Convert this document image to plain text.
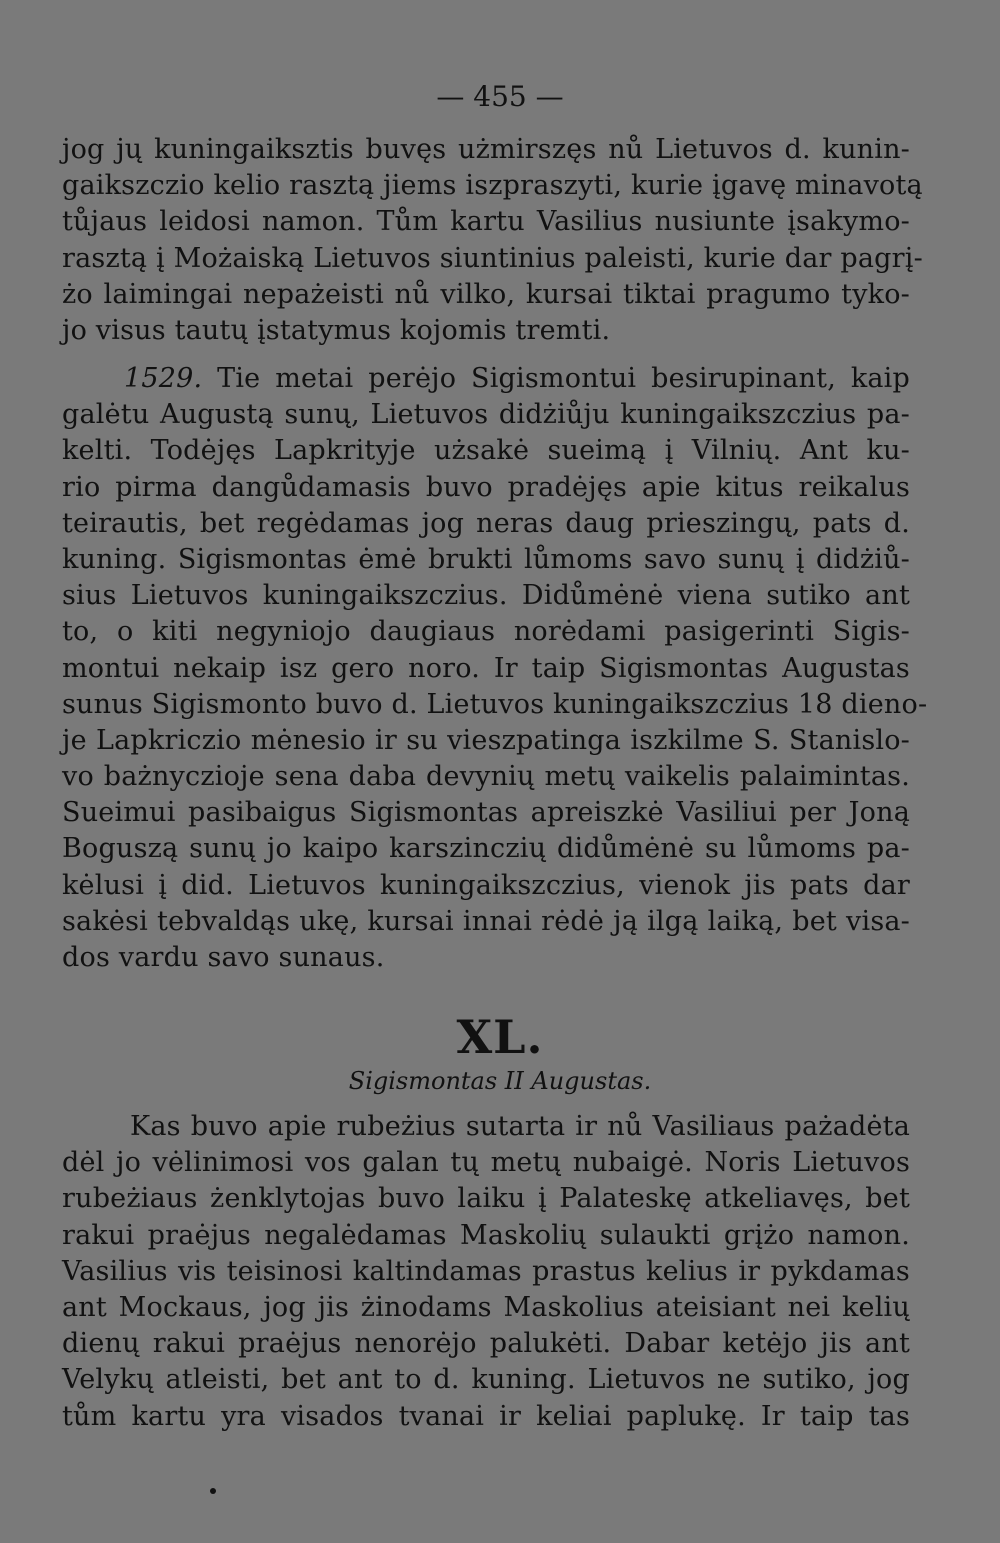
— 455 —
jog jų kuningaiksztis buvęs użmirszęs nů Lietuvos d. kunin-
gaikszczio kelio rasztą jiems iszpraszyti, kurie įgavę minavotą
tůjaus leidosi namon. Tům kartu Vasilius nusiunte įsakymo-
rasztą į Możaiską Lietuvos siuntinius paleisti, kurie dar pagrį-
żo laimingai nepażeisti nů vilko, kursai tiktai pragumo tyko-
jo visus tautų įstatymus kojomis tremti.
1529. Tie metai perėjo Sigismontui besirupinant, kaip
galėtu Augustą sunų, Lietuvos didżiůju kuningaikszczius pa-
kelti. Todėjęs Lapkrityje użsakė sueimą į Vilnių. Ant ku-
rio pirma dangůdamasis buvo pradėjęs apie kitus reikalus
teirautis, bet regėdamas jog neras daug prieszingų, pats d.
kuning. Sigismontas ėmė brukti lůmoms savo sunų į didżiů-
sius Lietuvos kuningaikszczius. Didůmėnė viena sutiko ant
to, o kiti negyniojo daugiaus norėdami pasigerinti Sigis-
montui nekaip isz gero noro. Ir taip Sigismontas Augustas
sunus Sigismonto buvo d. Lietuvos kuningaikszczius 18 dieno-
je Lapkriczio mėnesio ir su vieszpatinga iszkilme S. Stanislo-
vo bażnyczioje sena daba devynių metų vaikelis palaimintas.
Sueimui pasibaigus Sigismontas apreiszkė Vasiliui per Joną
Boguszą sunų jo kaipo karszinczių didůmėnė su lůmoms pa-
kėlusi į did. Lietuvos kuningaikszczius, vienok jis pats dar
sakėsi tebvaldąs ukę, kursai innai rėdė ją ilgą laiką, bet visa-
dos vardu savo sunaus.
XL.
Sigismontas II Augustas.
Kas buvo apie rubeżius sutarta ir nů Vasiliaus pażadėta
dėl jo vėlinimosi vos galan tų metų nubaigė. Noris Lietuvos
rubeżiaus żenklytojas buvo laiku į Palateskę atkeliavęs, bet
rakui praėjus negalėdamas Maskolių sulaukti grįżo namon.
Vasilius vis teisinosi kaltindamas prastus kelius ir pykdamas
ant Mockaus, jog jis żinodams Maskolius ateisiant nei kelių
dienų rakui praėjus nenorėjo palukėti. Dabar ketėjo jis ant
Velykų atleisti, bet ant to d. kuning. Lietuvos ne sutiko, jog
tům kartu yra visados tvanai ir keliai paplukę. Ir taip tas
